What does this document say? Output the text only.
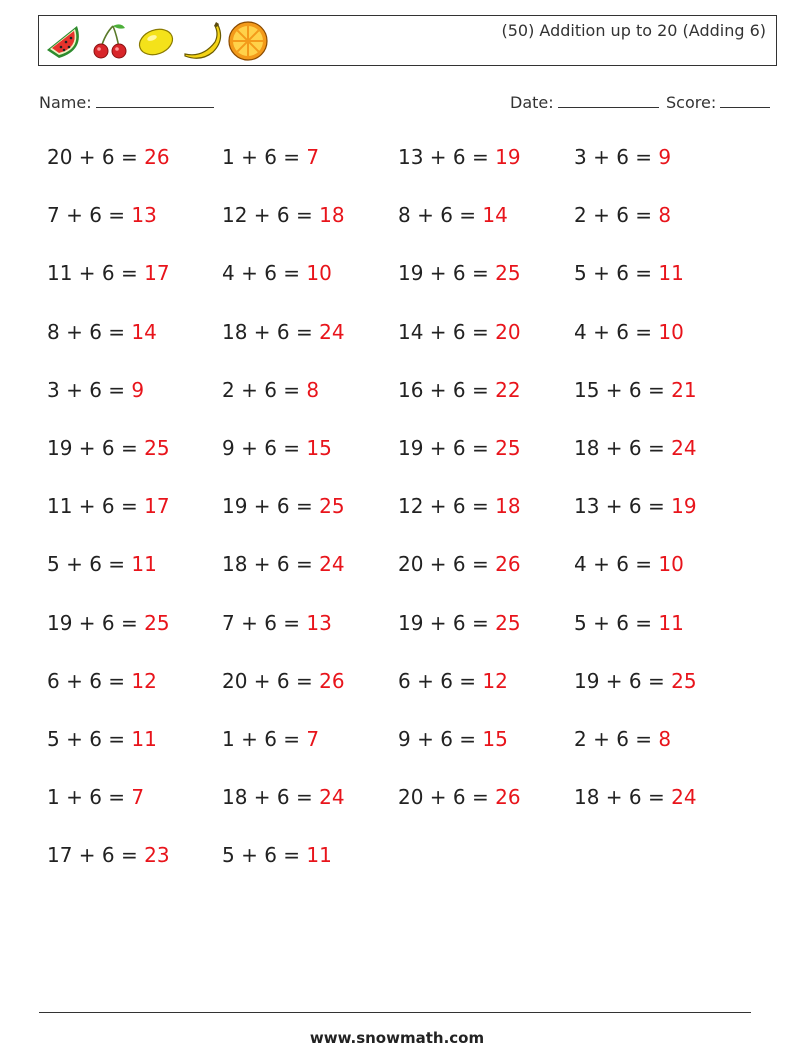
(50) Addition up to 20 (Adding 6)
Name:	Date:	Score:
20 + 6 = 26	1 + 6 = 7	13 + 6 = 19	3 + 6 = 9
7 + 6 = 13	12 + 6 = 18	8 + 6 = 14	2 + 6 = 8
11 + 6 = 17	4 + 6 = 10	19 + 6 = 25	5 + 6 = 11
8 + 6 = 14	18 + 6 = 24	14 + 6 = 20	4 + 6 = 10
3 + 6 = 9	2 + 6 = 8	16 + 6 = 22	15 + 6 = 21
19 + 6 = 25	9 + 6 = 15	19 + 6 = 25	18 + 6 = 24
11 + 6 = 17	19 + 6 = 25	12 + 6 = 18	13 + 6 = 19
5 + 6 = 11	18 + 6 = 24	20 + 6 = 26	4 + 6 = 10
19 + 6 = 25	7 + 6 = 13	19 + 6 = 25	5 + 6 = 11
6 + 6 = 12	20 + 6 = 26	6 + 6 = 12	19 + 6 = 25
5 + 6 = 11	1 + 6 = 7	9 + 6 = 15	2 + 6 = 8
1 + 6 = 7	18 + 6 = 24	20 + 6 = 26	18 + 6 = 24
17 + 6 = 23	5 + 6 = 11
www.snowmath.com
